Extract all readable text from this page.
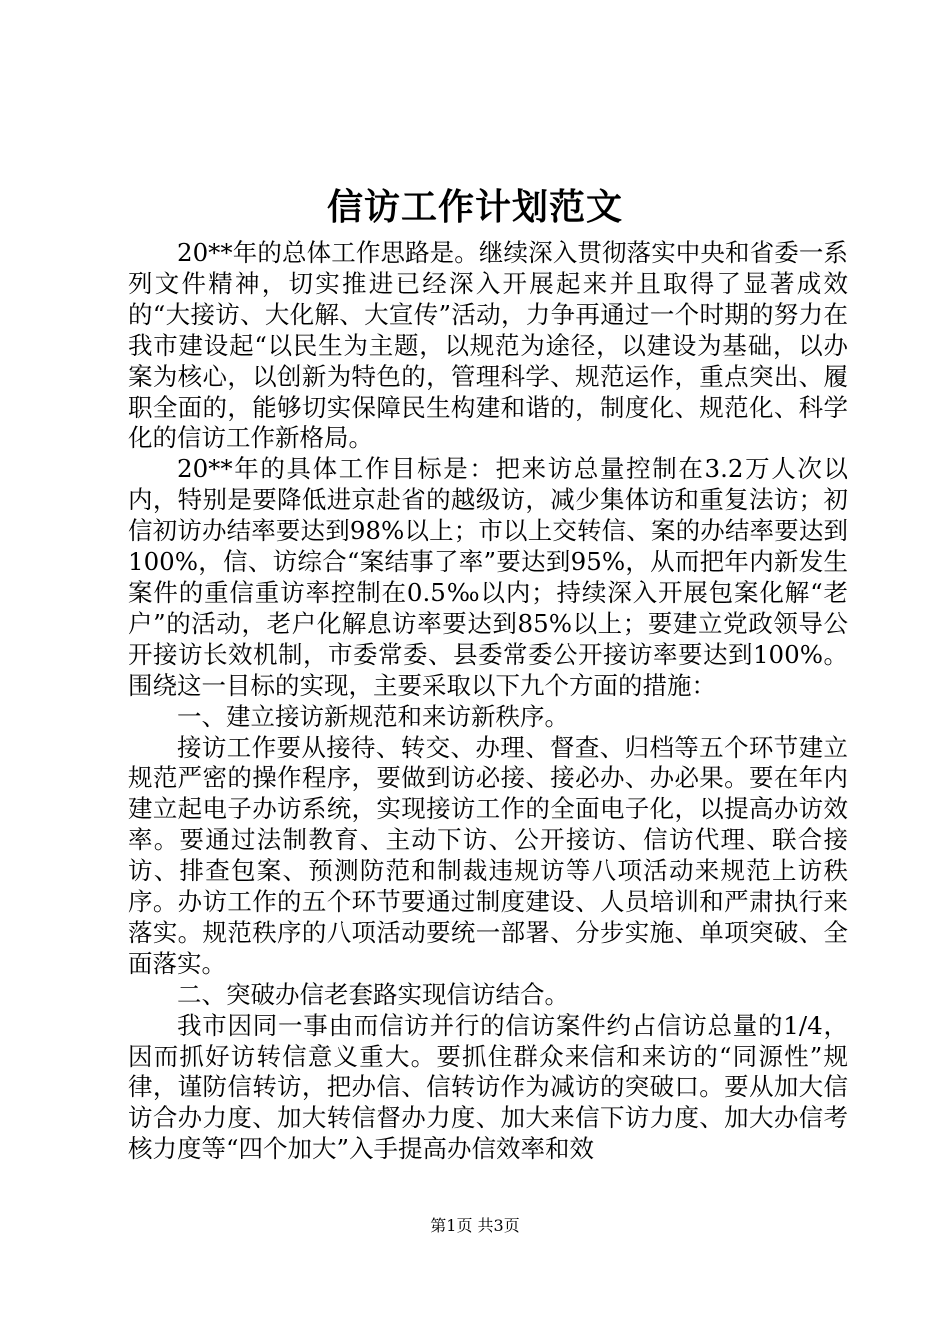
信访工作计划范文

20**年的总体工作思路是。继续深入贯彻落实中央和省委一系列文件精神，切实推进已经深入开展起来并且取得了显著成效的“大接访、大化解、大宣传”活动，力争再通过一个时期的努力在我市建设起“以民生为主题，以规范为途径，以建设为基础，以办案为核心，以创新为特色的，管理科学、规范运作，重点突出、履职全面的，能够切实保障民生构建和谐的，制度化、规范化、科学化的信访工作新格局。

20**年的具体工作目标是：把来访总量控制在3.2万人次以内，特别是要降低进京赴省的越级访，减少集体访和重复法访；初信初访办结率要达到98%以上；市以上交转信、案的办结率要达到100%，信、访综合“案结事了率”要达到95%，从而把年内新发生案件的重信重访率控制在0.5‰以内；持续深入开展包案化解“老户”的活动，老户化解息访率要达到85%以上；要建立党政领导公开接访长效机制，市委常委、县委常委公开接访率要达到100%。围绕这一目标的实现，主要采取以下九个方面的措施：

一、建立接访新规范和来访新秩序。

接访工作要从接待、转交、办理、督查、归档等五个环节建立规范严密的操作程序，要做到访必接、接必办、办必果。要在年内建立起电子办访系统，实现接访工作的全面电子化，以提高办访效率。要通过法制教育、主动下访、公开接访、信访代理、联合接访、排查包案、预测防范和制裁违规访等八项活动来规范上访秩序。办访工作的五个环节要通过制度建设、人员培训和严肃执行来落实。规范秩序的八项活动要统一部署、分步实施、单项突破、全面落实。

二、突破办信老套路实现信访结合。

我市因同一事由而信访并行的信访案件约占信访总量的1/4，因而抓好访转信意义重大。要抓住群众来信和来访的“同源性”规律，谨防信转访，把办信、信转访作为减访的突破口。要从加大信访合办力度、加大转信督办力度、加大来信下访力度、加大办信考核力度等“四个加大”入手提高办信效率和效

第1页 共3页
